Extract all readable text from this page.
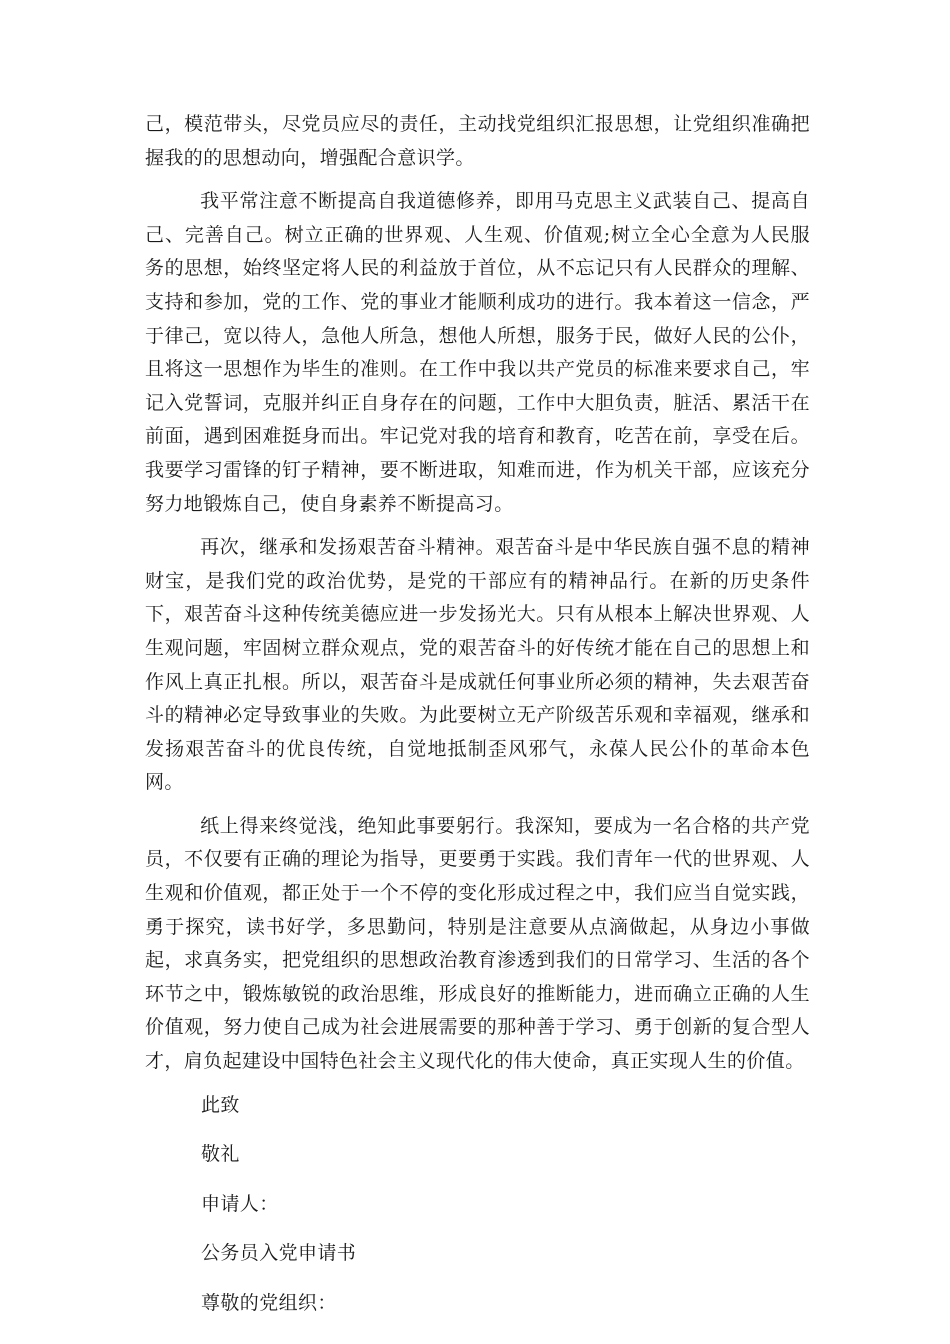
己，模范带头，尽党员应尽的责任，主动找党组织汇报思想，让党组织准确把握我的的思想动向，增强配合意识学。

我平常注意不断提高自我道德修养，即用马克思主义武装自己、提高自己、完善自己。树立正确的世界观、人生观、价值观;树立全心全意为人民服务的思想，始终坚定将人民的利益放于首位，从不忘记只有人民群众的理解、支持和参加，党的工作、党的事业才能顺利成功的进行。我本着这一信念，严于律己，宽以待人，急他人所急，想他人所想，服务于民，做好人民的公仆，且将这一思想作为毕生的准则。在工作中我以共产党员的标准来要求自己，牢记入党誓词，克服并纠正自身存在的问题，工作中大胆负责，脏活、累活干在前面，遇到困难挺身而出。牢记党对我的培育和教育，吃苦在前，享受在后。我要学习雷锋的钉子精神，要不断进取，知难而进，作为机关干部，应该充分努力地锻炼自己，使自身素养不断提高习。

再次，继承和发扬艰苦奋斗精神。艰苦奋斗是中华民族自强不息的精神财宝，是我们党的政治优势，是党的干部应有的精神品行。在新的历史条件下，艰苦奋斗这种传统美德应进一步发扬光大。只有从根本上解决世界观、人生观问题，牢固树立群众观点，党的艰苦奋斗的好传统才能在自己的思想上和作风上真正扎根。所以，艰苦奋斗是成就任何事业所必须的精神，失去艰苦奋斗的精神必定导致事业的失败。为此要树立无产阶级苦乐观和幸福观，继承和发扬艰苦奋斗的优良传统，自觉地抵制歪风邪气，永葆人民公仆的革命本色网。

纸上得来终觉浅，绝知此事要躬行。我深知，要成为一名合格的共产党员，不仅要有正确的理论为指导，更要勇于实践。我们青年一代的世界观、人生观和价值观，都正处于一个不停的变化形成过程之中，我们应当自觉实践，勇于探究，读书好学，多思勤问，特别是注意要从点滴做起，从身边小事做起，求真务实，把党组织的思想政治教育渗透到我们的日常学习、生活的各个环节之中，锻炼敏锐的政治思维，形成良好的推断能力，进而确立正确的人生价值观，努力使自己成为社会进展需要的那种善于学习、勇于创新的复合型人才，肩负起建设中国特色社会主义现代化的伟大使命，真正实现人生的价值。

此致

敬礼

申请人：

公务员入党申请书

尊敬的党组织：
